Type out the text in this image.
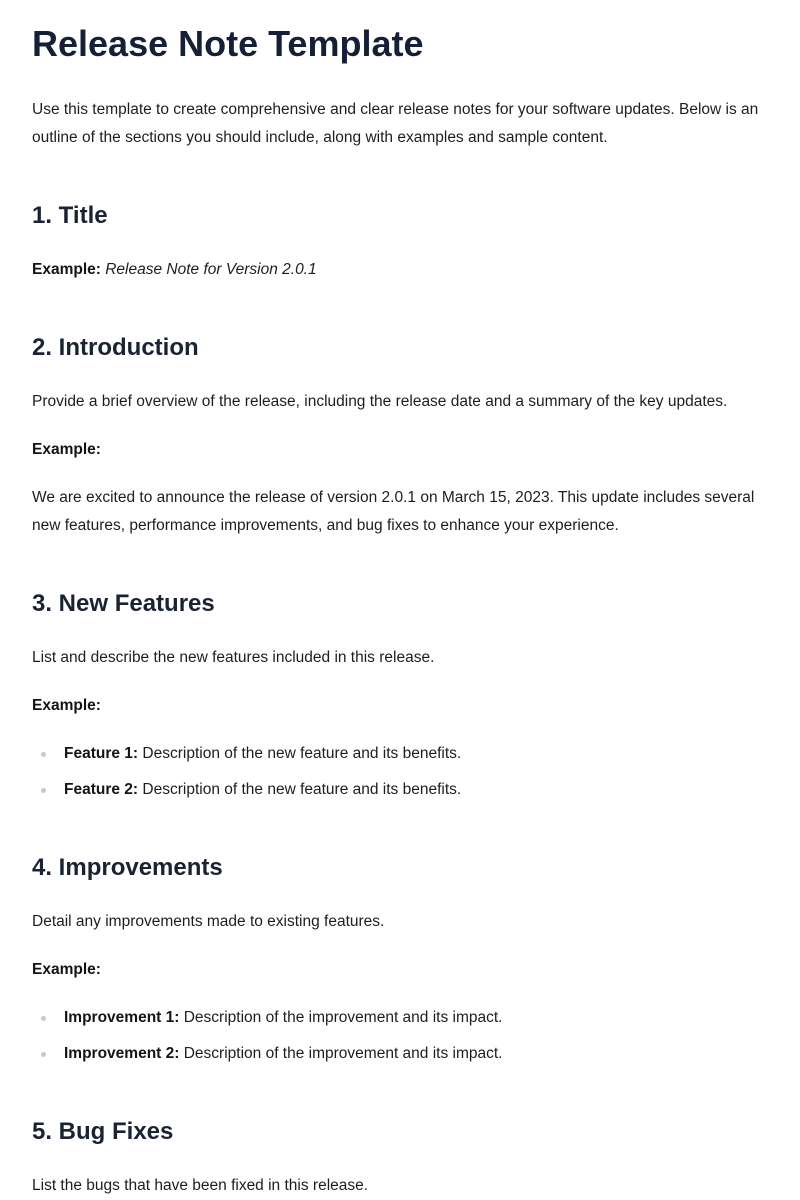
Release Note Template

Use this template to create comprehensive and clear release notes for your software updates. Below is an outline of the sections you should include, along with examples and sample content.

1. Title

Example: Release Note for Version 2.0.1

2. Introduction

Provide a brief overview of the release, including the release date and a summary of the key updates.

Example:

We are excited to announce the release of version 2.0.1 on March 15, 2023. This update includes several new features, performance improvements, and bug fixes to enhance your experience.

3. New Features

List and describe the new features included in this release.

Example:

Feature 1: Description of the new feature and its benefits.
Feature 2: Description of the new feature and its benefits.
4. Improvements

Detail any improvements made to existing features.

Example:

Improvement 1: Description of the improvement and its impact.
Improvement 2: Description of the improvement and its impact.
5. Bug Fixes

List the bugs that have been fixed in this release.
